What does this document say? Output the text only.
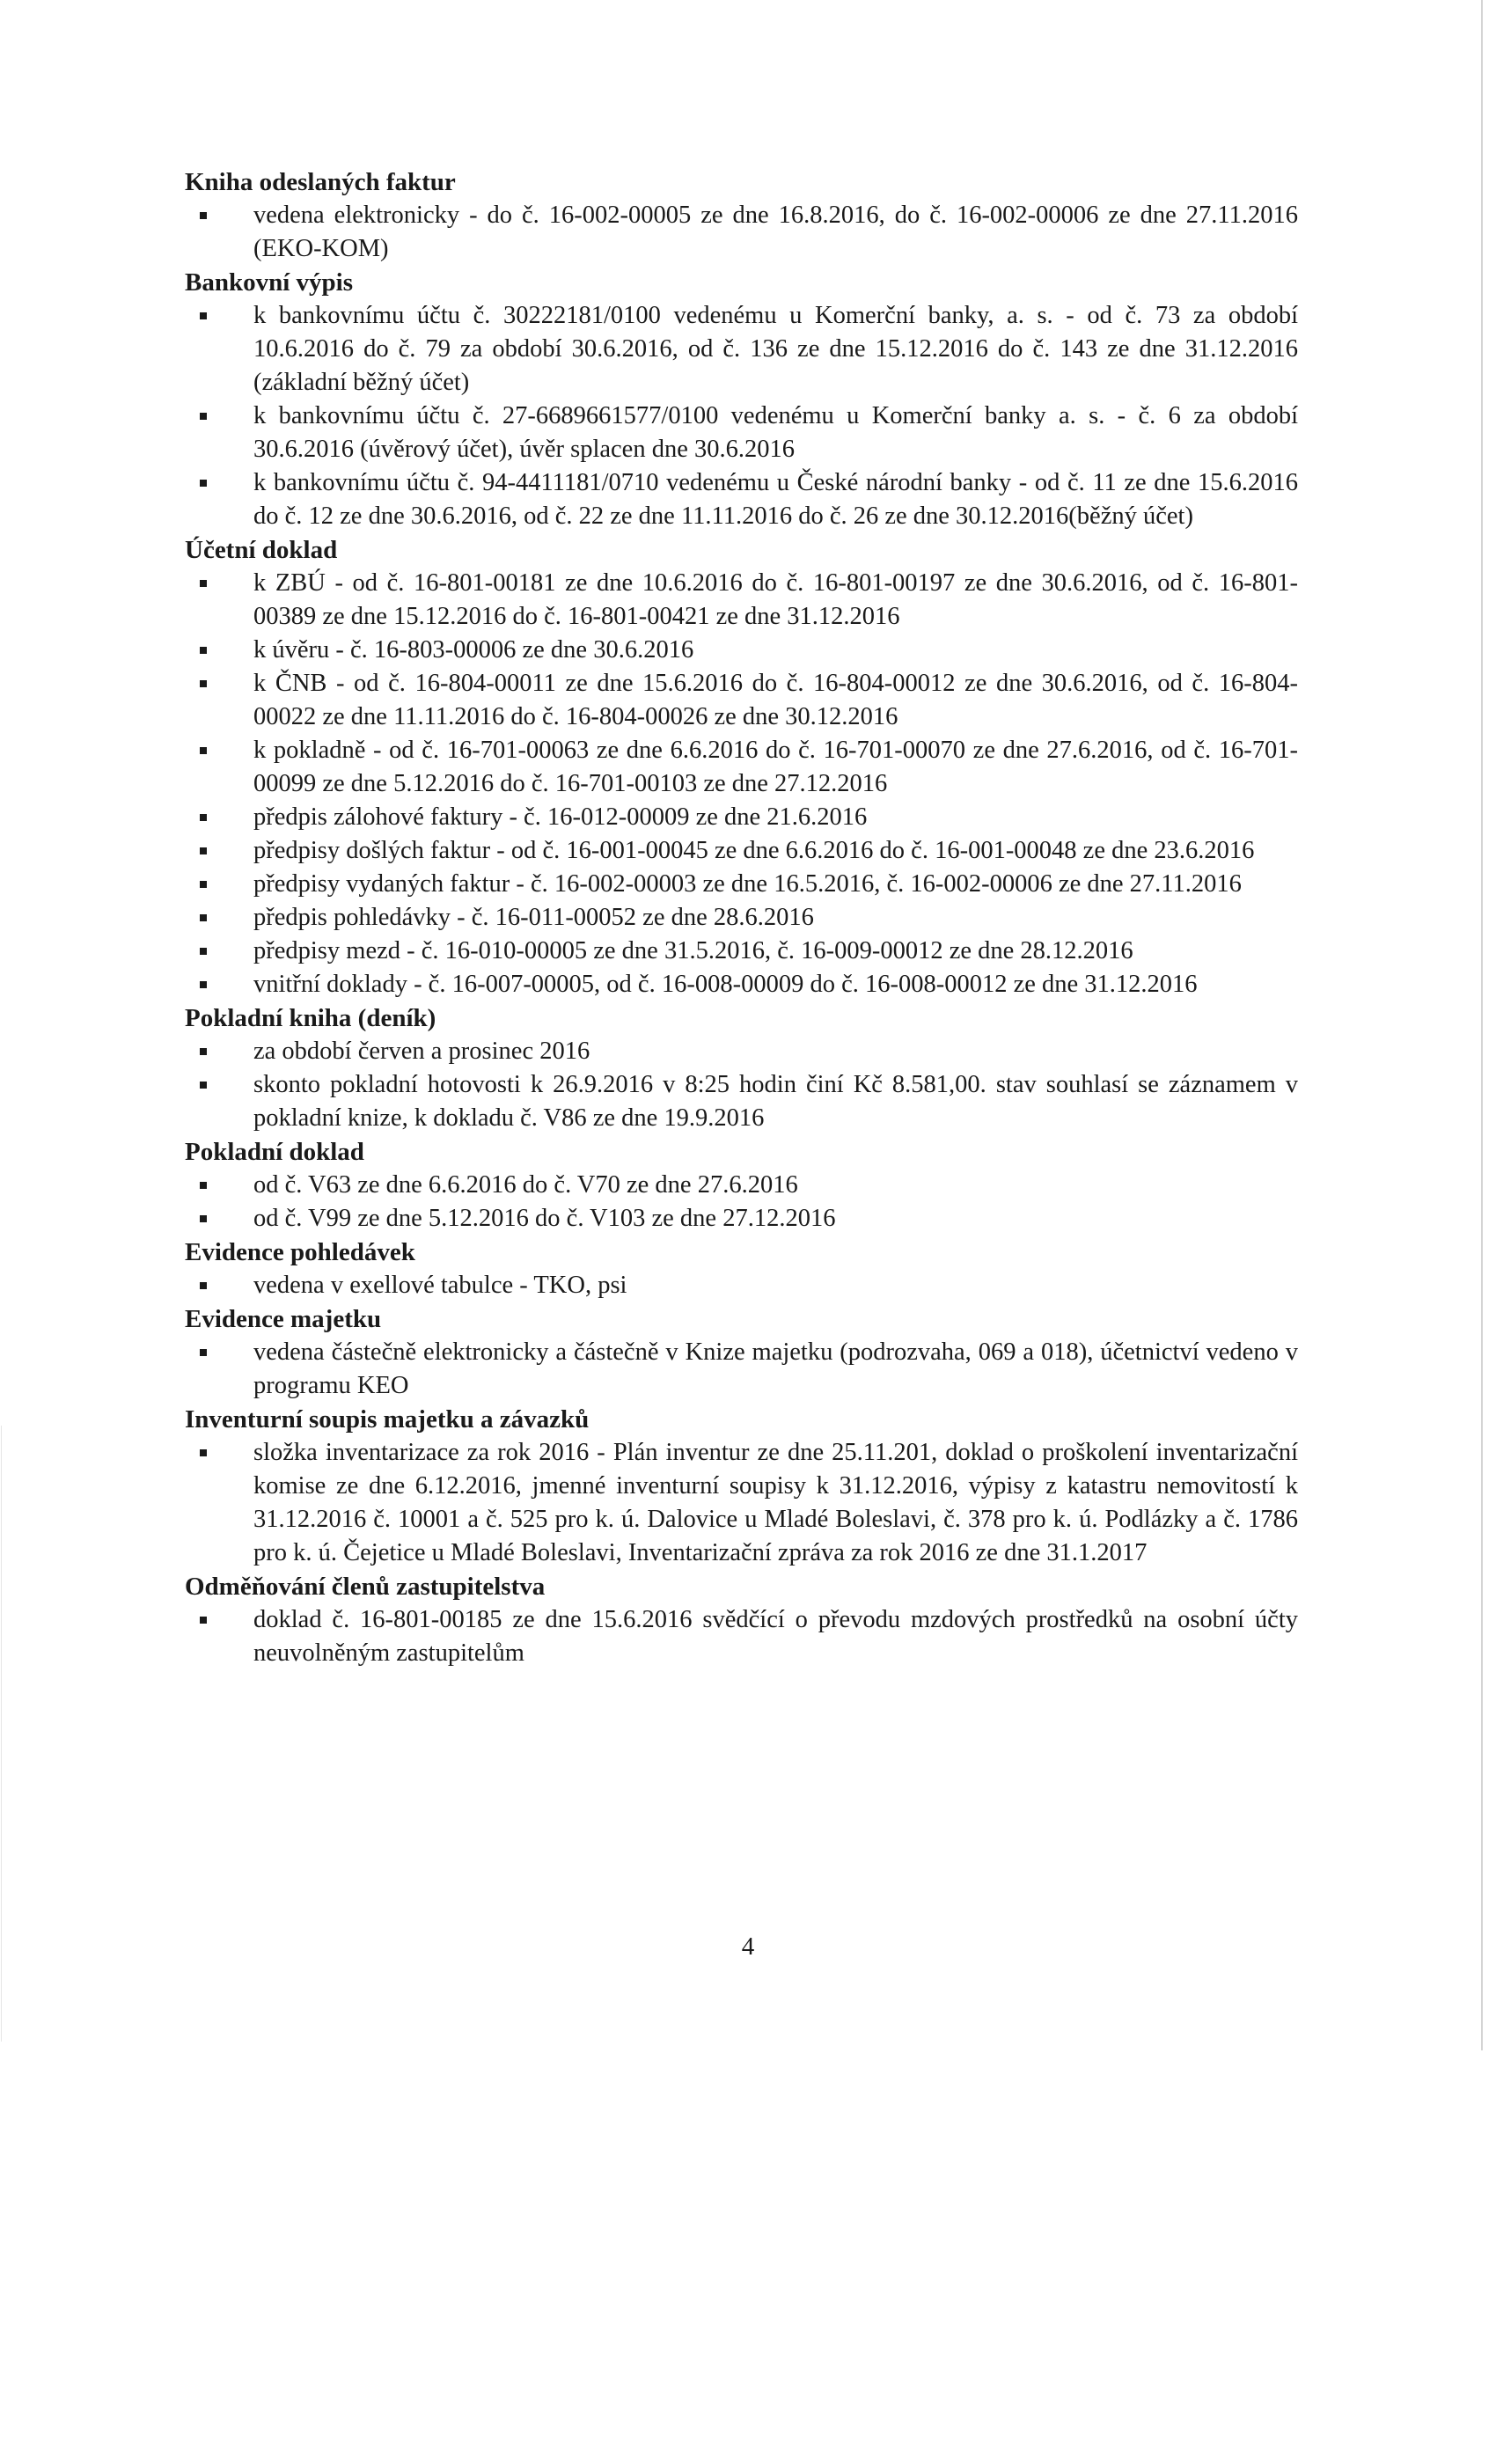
Kniha odeslaných faktur
vedena elektronicky - do č. 16-002-00005 ze dne 16.8.2016, do č. 16-002-00006 ze dne 27.11.2016 (EKO-KOM)
Bankovní výpis
k bankovnímu účtu č. 30222181/0100 vedenému u Komerční banky, a. s. - od č. 73 za období 10.6.2016 do č. 79 za období 30.6.2016, od č. 136 ze dne 15.12.2016 do č. 143 ze dne 31.12.2016 (základní běžný účet)
k bankovnímu účtu č. 27-6689661577/0100 vedenému u Komerční banky a. s. - č. 6 za období 30.6.2016 (úvěrový účet), úvěr splacen dne 30.6.2016
k bankovnímu účtu č. 94-4411181/0710 vedenému u České národní banky - od č. 11 ze dne 15.6.2016 do č. 12 ze dne 30.6.2016, od č. 22 ze dne 11.11.2016 do č. 26 ze dne 30.12.2016(běžný účet)
Účetní doklad
k ZBÚ - od č. 16-801-00181 ze dne 10.6.2016 do č. 16-801-00197 ze dne 30.6.2016, od č. 16-801-00389 ze dne 15.12.2016 do č. 16-801-00421 ze dne 31.12.2016
k úvěru - č. 16-803-00006 ze dne 30.6.2016
k ČNB - od č. 16-804-00011 ze dne 15.6.2016 do č. 16-804-00012 ze dne 30.6.2016, od č. 16-804-00022 ze dne 11.11.2016 do č. 16-804-00026 ze dne 30.12.2016
k pokladně - od č. 16-701-00063 ze dne 6.6.2016 do č. 16-701-00070 ze dne 27.6.2016, od č. 16-701-00099 ze dne 5.12.2016 do č. 16-701-00103 ze dne 27.12.2016
předpis zálohové faktury - č. 16-012-00009 ze dne 21.6.2016
předpisy došlých faktur - od č. 16-001-00045 ze dne 6.6.2016 do č. 16-001-00048 ze dne 23.6.2016
předpisy vydaných faktur - č. 16-002-00003 ze dne 16.5.2016, č. 16-002-00006 ze dne 27.11.2016
předpis pohledávky - č. 16-011-00052 ze dne 28.6.2016
předpisy mezd - č. 16-010-00005 ze dne 31.5.2016, č. 16-009-00012 ze dne 28.12.2016
vnitřní doklady - č. 16-007-00005, od č. 16-008-00009 do č. 16-008-00012 ze dne 31.12.2016
Pokladní kniha (deník)
za období červen a prosinec 2016
skonto pokladní hotovosti k 26.9.2016 v 8:25 hodin činí Kč 8.581,00. stav souhlasí se záznamem v pokladní knize, k dokladu č. V86 ze dne 19.9.2016
Pokladní doklad
od č. V63 ze dne 6.6.2016 do č. V70 ze dne 27.6.2016
od č. V99 ze dne 5.12.2016 do č. V103 ze dne 27.12.2016
Evidence pohledávek
vedena v exellové tabulce - TKO, psi
Evidence majetku
vedena částečně elektronicky a částečně v Knize majetku (podrozvaha, 069 a 018), účetnictví vedeno v programu KEO
Inventurní soupis majetku a závazků
složka inventarizace za rok 2016 - Plán inventur ze dne 25.11.201, doklad o proškolení inventarizační komise ze dne 6.12.2016, jmenné inventurní soupisy k 31.12.2016, výpisy z katastru nemovitostí k 31.12.2016 č. 10001 a č. 525 pro k. ú. Dalovice u Mladé Boleslavi, č. 378 pro k. ú. Podlázky a č. 1786 pro k. ú. Čejetice u Mladé Boleslavi, Inventarizační zpráva za rok 2016 ze dne 31.1.2017
Odměňování členů zastupitelstva
doklad č. 16-801-00185 ze dne 15.6.2016 svědčící o převodu mzdových prostředků na osobní účty neuvolněným zastupitelům
4
